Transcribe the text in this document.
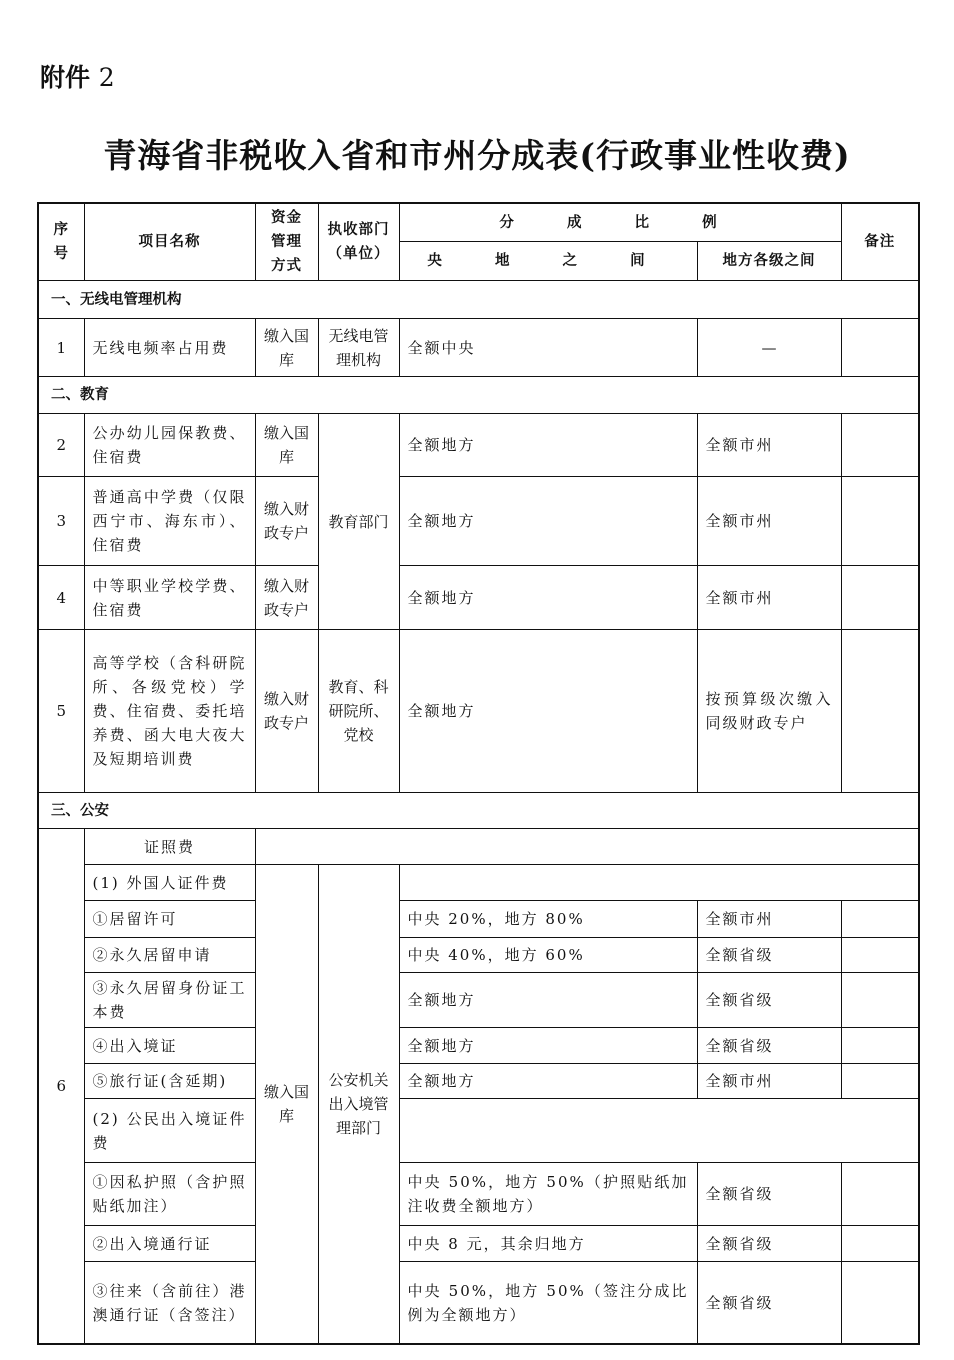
附件 2
青海省非税收入省和市州分成表(行政事业性收费)
序号	项目名称	资金管理方式	执收部门（单位）	分 成 比 例		备注
				央 地 之 间	地方各级之间	
一、无线电管理机构						
1	无线电频率占用费	缴入国库	无线电管理机构	全额中央	—	
二、教育						
2	公办幼儿园保教费、住宿费	缴入国库	教育部门	全额地方	全额市州	
3	普通高中学费（仅限西宁市、海东市）、住宿费	缴入财政专户		全额地方	全额市州	
4	中等职业学校学费、住宿费	缴入财政专户		全额地方	全额市州	
5	高等学校（含科研院所、各级党校）学费、住宿费、委托培养费、函大电大夜大及短期培训费	缴入财政专户	教育、科研院所、党校	全额地方	按预算级次缴入同级财政专户	
三、公安						
6	证照费					
	(1) 外国人证件费	缴入国库	公安机关出入境管理部门			
	①居留许可			中央 20%，地方 80%	全额市州	
	②永久居留申请			中央 40%，地方 60%	全额省级	
	③永久居留身份证工本费			全额地方	全额省级	
	④出入境证			全额地方	全额省级	
	⑤旅行证(含延期)			全额地方	全额市州	
	(2) 公民出入境证件费					
	①因私护照（含护照贴纸加注）			中央 50%，地方 50%（护照贴纸加注收费全额地方）	全额省级	
	②出入境通行证			中央 8 元，其余归地方	全额省级	
	③往来（含前往）港澳通行证（含签注）			中央 50%，地方 50%（签注分成比例为全额地方）	全额省级	
